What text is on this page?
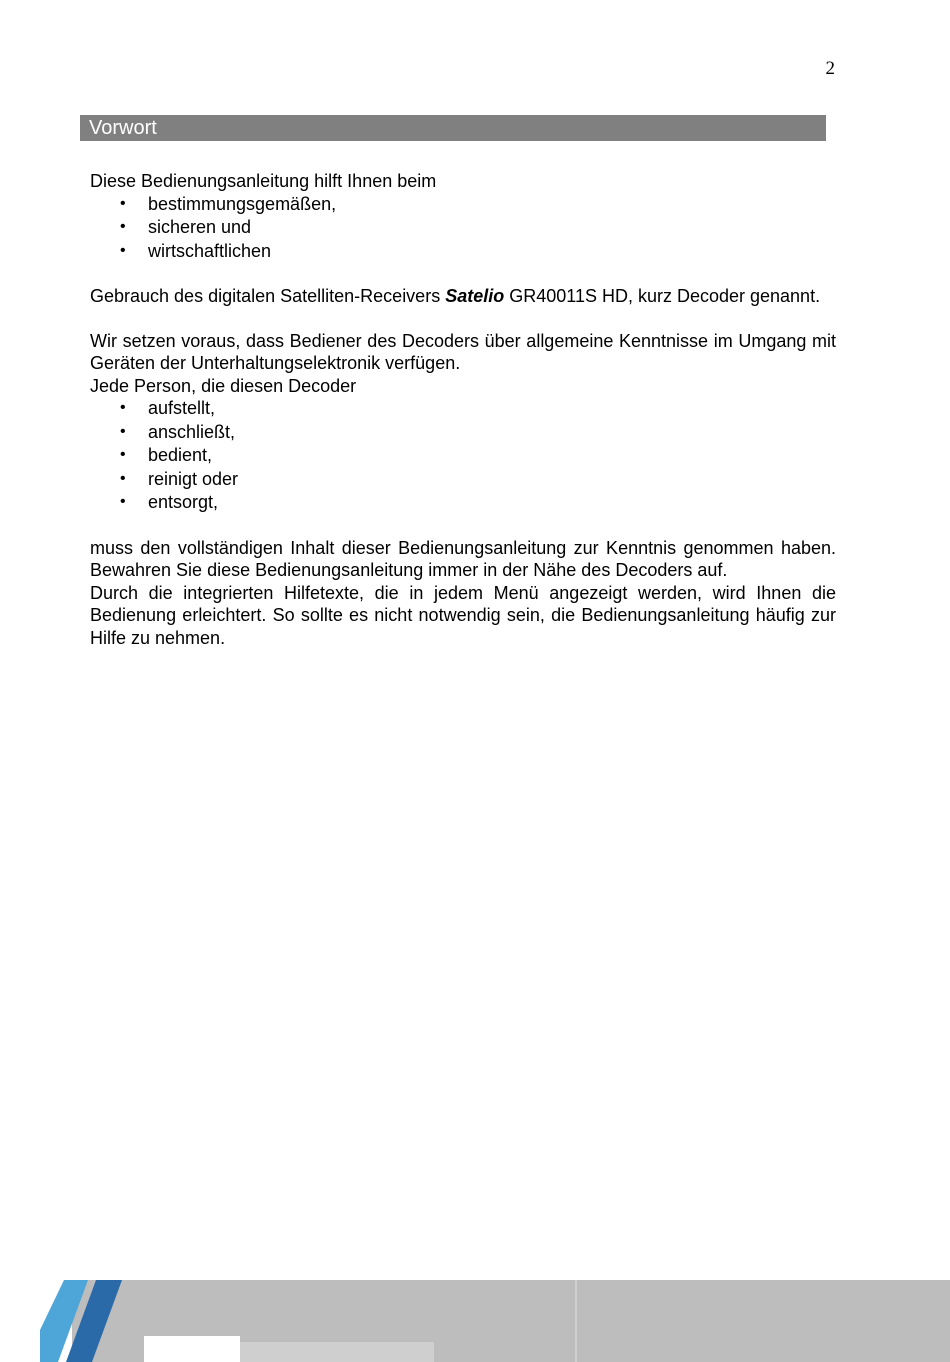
2
Vorwort

Diese Bedienungsanleitung hilft Ihnen beim

• bestimmungsgemäßen,
• sicheren und
• wirtschaftlichen

Gebrauch des digitalen Satelliten-Receivers Satelio GR40011S HD, kurz Decoder genannt.

Wir setzen voraus, dass Bediener des Decoders über allgemeine Kenntnisse im Umgang mit Geräten der Unterhaltungselektronik verfügen.

Jede Person, die diesen Decoder

• aufstellt,
• anschließt,
• bedient,
• reinigt oder
• entsorgt,

muss den vollständigen Inhalt dieser Bedienungsanleitung zur Kenntnis genommen haben. Bewahren Sie diese Bedienungsanleitung immer in der Nähe des Decoders auf.

Durch die integrierten Hilfetexte, die in jedem Menü angezeigt werden, wird Ihnen die Bedienung erleichtert. So sollte es nicht notwendig sein, die Bedienungsanleitung häufig zur Hilfe zu nehmen.
